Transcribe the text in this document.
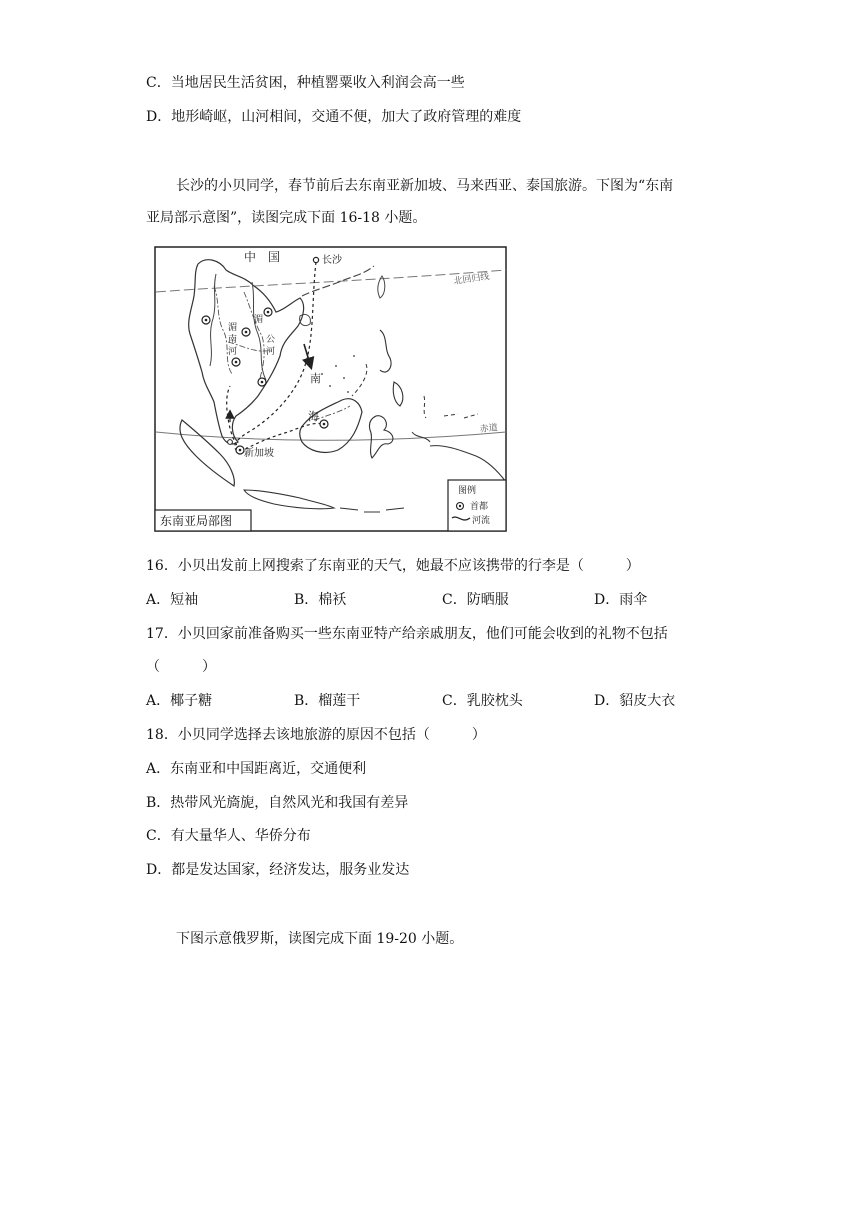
C．当地居民生活贫困，种植罂粟收入利润会高一些
D．地形崎岖，山河相间，交通不便，加大了政府管理的难度
长沙的小贝同学，春节前后去东南亚新加坡、马来西亚、泰国旅游。下图为“东南
亚局部示意图”，读图完成下面 16-18 小题。
中　国	长沙
北回归线
赤道
新加坡
南
海
湄
南
河
湄
公
河
东南亚局部图
图例
首都
河流
16．小贝出发前上网搜索了东南亚的天气，她最不应该携带的行李是（　　　）
A．短袖	B．棉袄	C．防晒服	D．雨伞
17．小贝回家前准备购买一些东南亚特产给亲戚朋友，他们可能会收到的礼物不包括
（　　　）
A．椰子糖	B．榴莲干	C．乳胶枕头	D．貂皮大衣
18．小贝同学选择去该地旅游的原因不包括（　　　）
A．东南亚和中国距离近，交通便利
B．热带风光旖旎，自然风光和我国有差异
C．有大量华人、华侨分布
D．都是发达国家，经济发达，服务业发达
下图示意俄罗斯，读图完成下面 19-20 小题。
